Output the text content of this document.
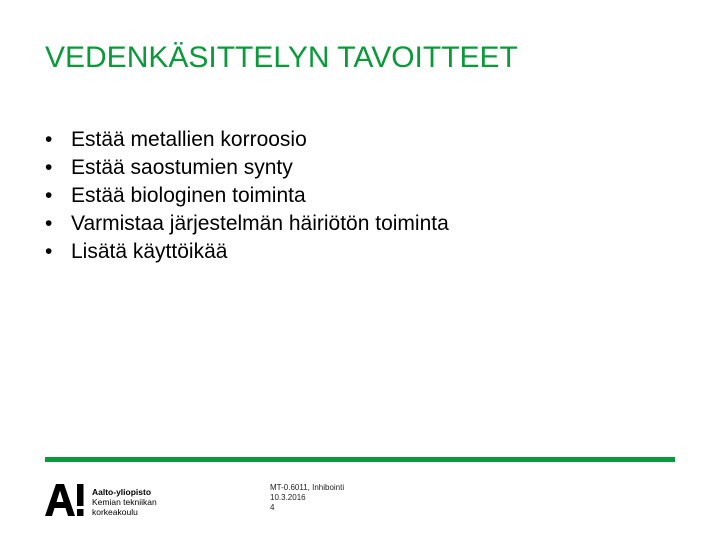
VEDENKÄSITTELYN TAVOITTEET
• Estää metallien korroosio
• Estää saostumien synty
• Estää biologinen toiminta
• Varmistaa järjestelmän häiriötön toiminta
• Lisätä käyttöikää
Aalto-yliopisto
Kemian tekniikan
korkeakoulu
MT-0.6011, Inhibointi
10.3.2016
4
